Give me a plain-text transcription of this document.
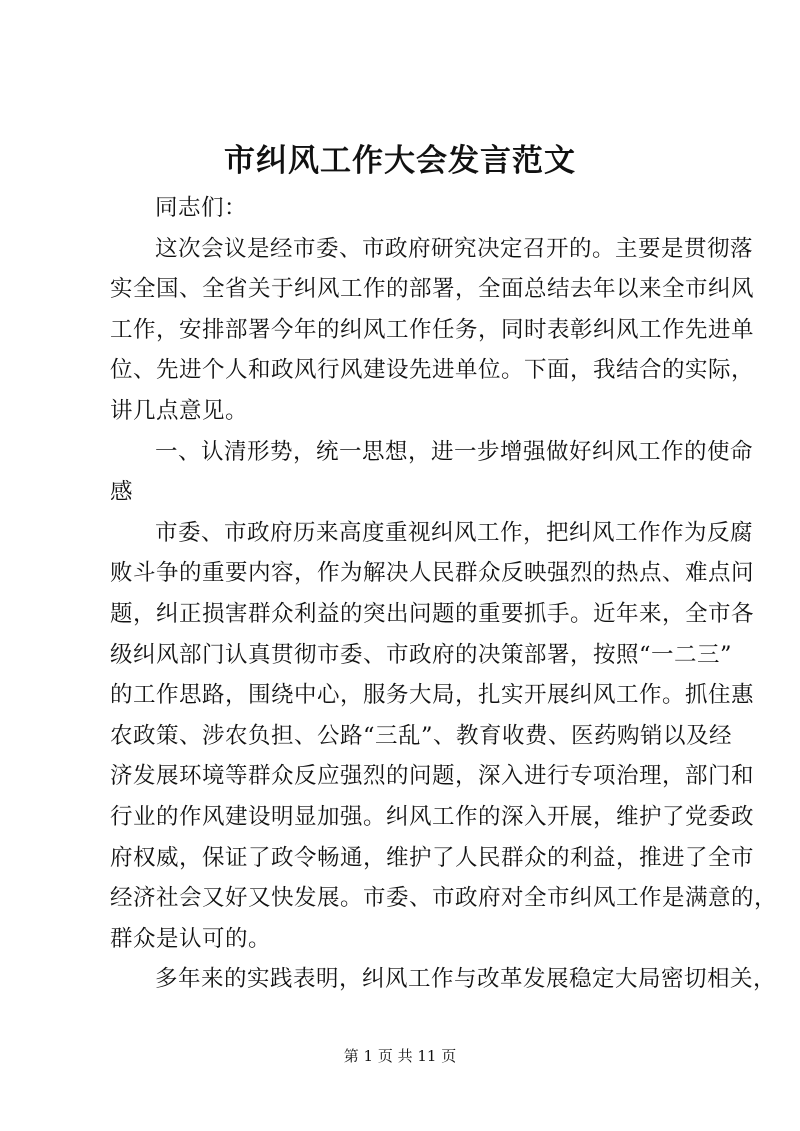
市纠风工作大会发言范文

同志们：

这次会议是经市委、市政府研究决定召开的。主要是贯彻落
实全国、全省关于纠风工作的部署，全面总结去年以来全市纠风
工作，安排部署今年的纠风工作任务，同时表彰纠风工作先进单
位、先进个人和政风行风建设先进单位。下面，我结合的实际，
讲几点意见。

一、认清形势，统一思想，进一步增强做好纠风工作的使命
感

市委、市政府历来高度重视纠风工作，把纠风工作作为反腐
败斗争的重要内容，作为解决人民群众反映强烈的热点、难点问
题，纠正损害群众利益的突出问题的重要抓手。近年来，全市各
级纠风部门认真贯彻市委、市政府的决策部署，按照“一二三”
的工作思路，围绕中心，服务大局，扎实开展纠风工作。抓住惠
农政策、涉农负担、公路“三乱”、教育收费、医药购销以及经
济发展环境等群众反应强烈的问题，深入进行专项治理，部门和
行业的作风建设明显加强。纠风工作的深入开展，维护了党委政
府权威，保证了政令畅通，维护了人民群众的利益，推进了全市
经济社会又好又快发展。市委、市政府对全市纠风工作是满意的，
群众是认可的。

多年来的实践表明，纠风工作与改革发展稳定大局密切相关，

第 1 页 共 11 页
